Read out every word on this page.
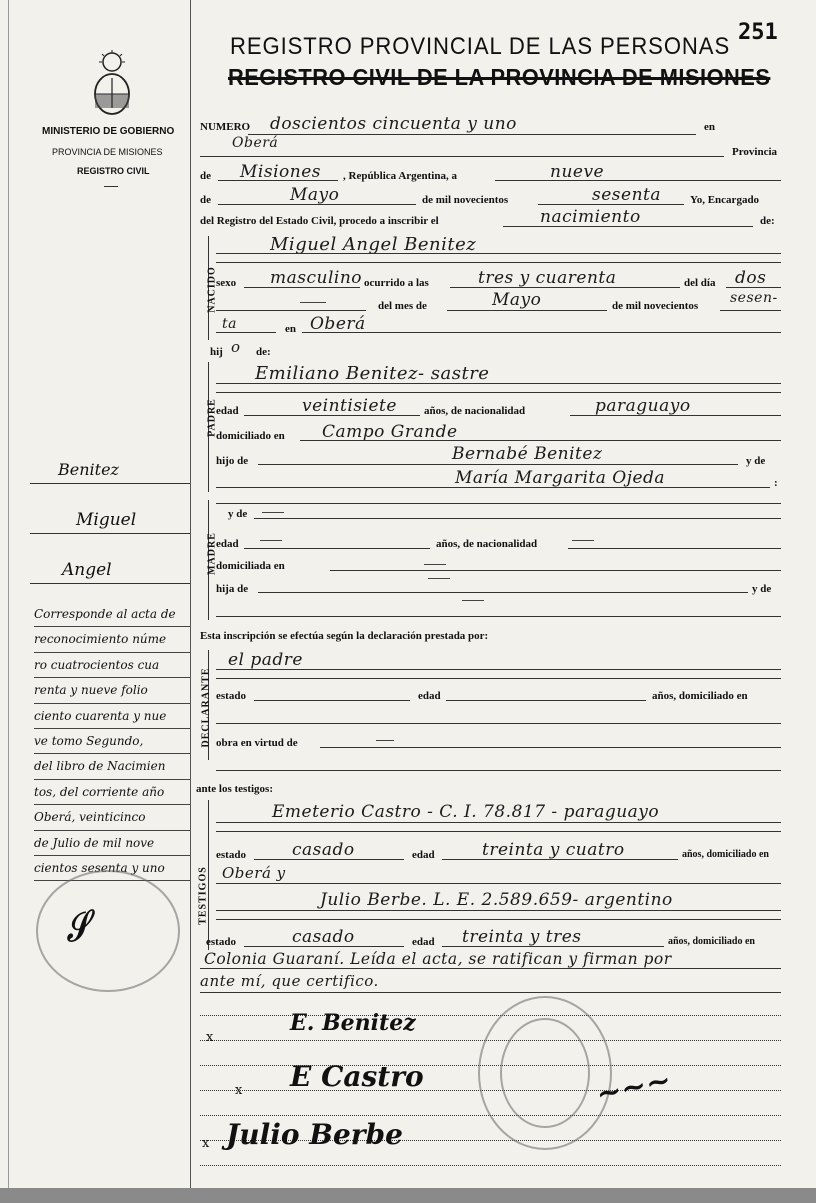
251
MINISTERIO DE GOBIERNO
PROVINCIA DE MISIONES
REGISTRO CIVIL
REGISTRO PROVINCIAL DE LAS PERSONAS
REGISTRO CIVIL DE LA PROVINCIA DE MISIONES
NUMERO doscientos cincuenta y uno	en
Oberá
Provincia
de Misiones , República Argentina, a	nueve
de	Mayo	de mil novecientos	sesenta	Yo, Encargado
del Registro del Estado Civil, procedo a inscribir el	nacimiento	de:
NACIDO
Miguel Angel Benitez
sexo masculino ocurrido a las	tres y cuarenta	del día dos
del mes de	Mayo	de mil novecientos sesen-
ta	en Oberá
hij o de:
PADRE
Emiliano Benitez- sastre
edad	veintisiete años, de nacionalidad	paraguayo
domiciliado en Campo Grande
hijo de	Bernabé Benitez	y de
María Margarita Ojeda	:
MADRE
y de
edad	años, de nacionalidad
domiciliada en
hija de	y de
Esta inscripción se efectúa según la declaración prestada por:
DECLARANTE
el padre
estado	edad	años, domiciliado en
obra en virtud de
ante los testigos:
TESTIGOS
Emeterio Castro - C. I. 78.817 - paraguayo
estado	casado	edad	treinta y cuatro	años, domiciliado en
Oberá y
Julio Berbe. L. E. 2.589.659- argentino
estado	casado	edad treinta y tres	años, domiciliado en
Colonia Guaraní. Leída el acta, se ratifican y firman por
ante mí, que certifico.
E. Benitez
E Castro
Julio Berbe
x
x
x	~~~
Benitez
Miguel
Angel
Corresponde al acta de
reconocimiento núme
ro cuatrocientos cua
renta y nueve folio
ciento cuarenta y nue
ve tomo Segundo,
del libro de Nacimien
tos, del corriente año
Oberá, veinticinco
de Julio de mil nove
cientos sesenta y uno
𝒮
